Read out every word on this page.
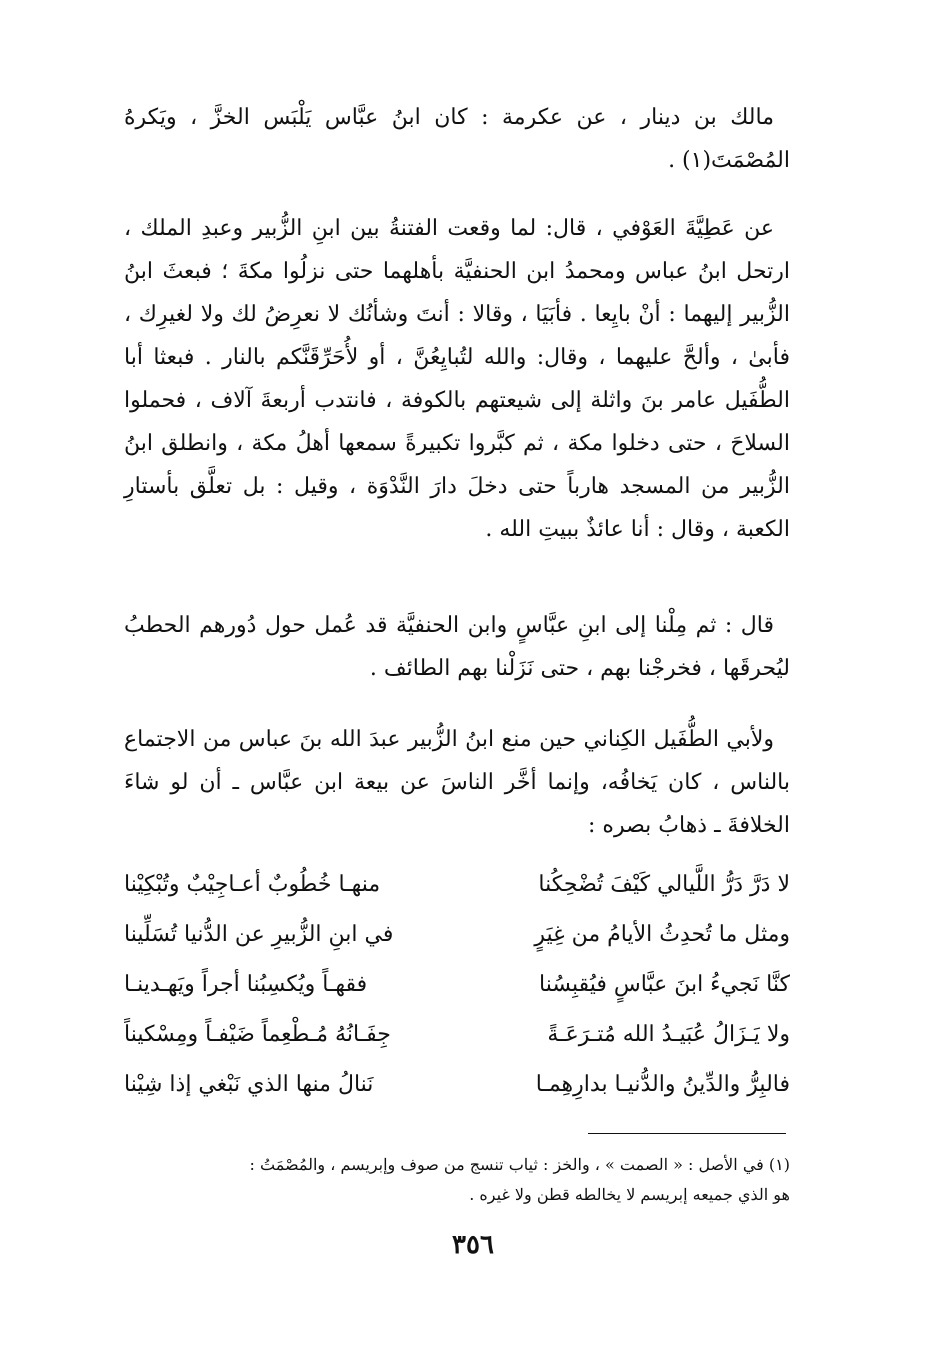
مالك بن دينار ، عن عكرمة : كان ابنُ عبَّاس يَلْبَس الخزَّ ، ويَكرهُ المُصْمَتَ(١) .

عن عَطِيَّةَ العَوْفي ، قال: لما وقعت الفتنةُ بين ابنِ الزُّبير وعبدِ الملك ، ارتحل ابنُ عباس ومحمدُ ابن الحنفيَّة بأهلهما حتى نزلُوا مكةَ ؛ فبعثَ ابنُ الزُّبير إليهما : أنْ بايِعا . فأبَيَا ، وقالا : أنتَ وشأنُك لا نعرِضُ لك ولا لغيرِك ، فأبىٰ ، وألحَّ عليهما ، وقال: والله لتُبايِعُنَّ ، أو لأُحَرِّقَنَّكم بالنار . فبعثا أبا الطُّفَيل عامر بنَ واثلة إلى شيعتهم بالكوفة ، فانتدب أربعةَ آلاف ، فحملوا السلاحَ ، حتى دخلوا مكة ، ثم كبَّروا تكبيرةً سمعها أهلُ مكة ، وانطلق ابنُ الزُّبير من المسجد هارباً حتى دخلَ دارَ النَّدْوَة ، وقيل : بل تعلَّق بأستارِ الكعبة ، وقال : أنا عائذٌ ببيتِ الله .

قال : ثم مِلْنا إلى ابنِ عبَّاسٍ وابن الحنفيَّة قد عُمل حول دُورهم الحطبُ ليُحرقَها ، فخرجْنا بهم ، حتى نَزَلْنا بهم الطائف .

ولأبي الطُّفَيل الكِناني حين منع ابنُ الزُّبير عبدَ الله بنَ عباس من الاجتماع بالناس ، كان يَخافُه، وإنما أخَّر الناسَ عن بيعة ابن عبَّاس ـ أن لو شاءَ الخلافةَ ـ ذهابُ بصره :

لا دَرَّ دَرُّ اللَّيالي كَيْفَ تُضْحِكُنا
منهـا خُطُوبٌ أعـاجِيْبٌ وتُبْكِيْنا
ومثل ما تُحدِثُ الأيامُ من غِيَرٍ
في ابنِ الزُّبيرِ عن الدُّنيا تُسَلِّينا
كنَّا نَجيءُ ابنَ عبَّاسٍ فيُقبِسُنا
فقهـاً ويُكسِبُنا أجراً ويَهـدينـا
ولا يَـزَالُ عُبَيـدُ الله مُتـرَعَـةً
جِفَـانُهُ مُـطْعِماً ضَيْفـاً ومِسْكيناً
فالبِرُّ والدِّينُ والدُّنيـا بدارِهِمـا
نَنالُ منها الذي نَبْغي إذا شِيْنا
(١) في الأصل : « الصمت » ، والخز : ثياب تنسج من صوف وإبريسم ، والمُصْمَتُ :
هو الذي جميعه إبريسم لا يخالطه قطن ولا غيره .
٣٥٦
